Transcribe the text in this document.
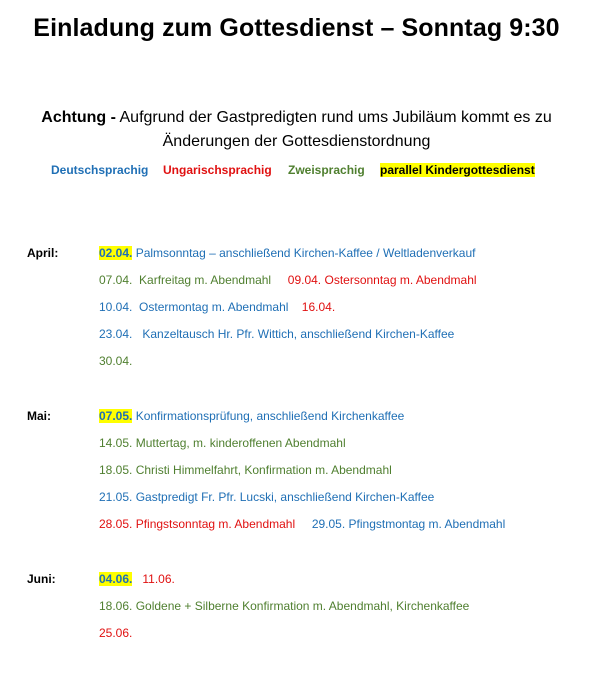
Einladung zum Gottesdienst – Sonntag 9:30
Achtung - Aufgrund der Gastpredigten rund ums Jubiläum kommt es zu
Änderungen der Gottesdienstordnung
Deutschsprachig Ungarischsprachig Zweisprachig parallel Kindergottesdienst
April:	02.04. Palmsonntag – anschließend Kirchen-Kaffee / Weltladenverkauf
07.04.  Karfreitag m. Abendmahl 09.04. Ostersonntag m. Abendmahl
10.04.  Ostermontag m. Abendmahl 16.04.
23.04.   Kanzeltausch Hr. Pfr. Wittich, anschließend Kirchen-Kaffee
30.04.
Mai:	07.05. Konfirmationsprüfung, anschließend Kirchenkaffee
14.05. Muttertag, m. kinderoffenen Abendmahl
18.05. Christi Himmelfahrt, Konfirmation m. Abendmahl
21.05. Gastpredigt Fr. Pfr. Lucski, anschließend Kirchen-Kaffee
28.05. Pfingstsonntag m. Abendmahl 29.05. Pfingstmontag m. Abendmahl
Juni:	04.06. 11.06.
18.06. Goldene + Silberne Konfirmation m. Abendmahl, Kirchenkaffee
25.06.
